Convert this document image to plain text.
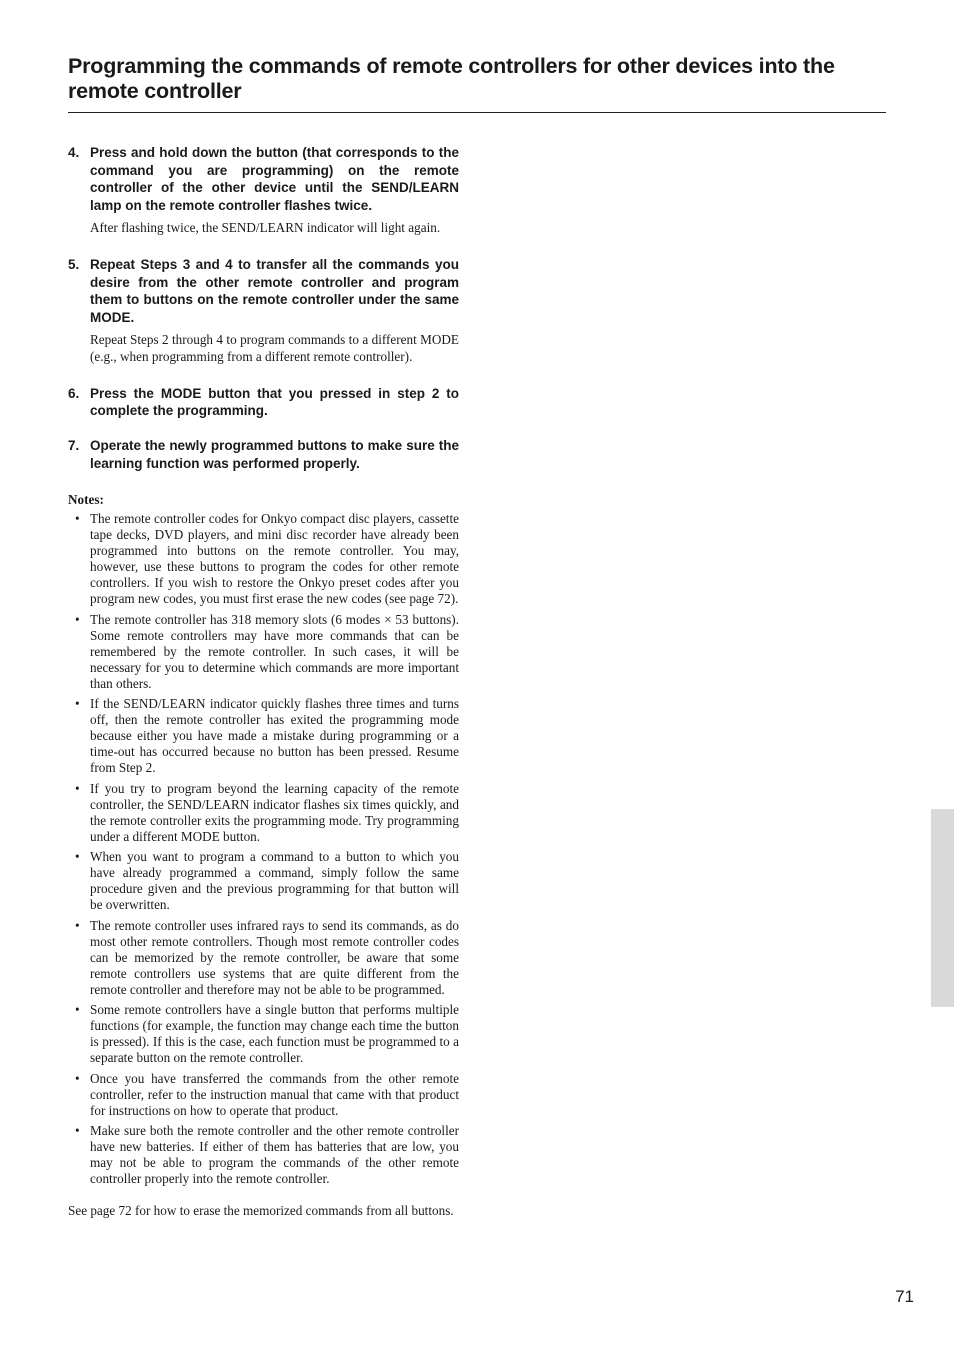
Programming the commands of remote controllers for other devices into the remote controller
4. Press and hold down the button (that corresponds to the command you are programming) on the remote controller of the other device until the SEND/LEARN lamp on the remote controller flashes twice.

After flashing twice, the SEND/LEARN indicator will light again.

5. Repeat Steps 3 and 4 to transfer all the commands you desire from the other remote controller and program them to buttons on the remote controller under the same MODE.

Repeat Steps 2 through 4 to program commands to a different MODE (e.g., when programming from a different remote controller).

6. Press the MODE button that you pressed in step 2 to complete the programming.

7. Operate the newly programmed buttons to make sure the learning function was performed properly.

Notes:

• The remote controller codes for Onkyo compact disc players, cassette tape decks, DVD players, and mini disc recorder have already been programmed into buttons on the remote controller. You may, however, use these buttons to program the codes for other remote controllers. If you wish to restore the Onkyo preset codes after you program new codes, you must first erase the new codes (see page 72).
• The remote controller has 318 memory slots (6 modes × 53 buttons). Some remote controllers may have more commands that can be remembered by the remote controller. In such cases, it will be necessary for you to determine which commands are more important than others.
• If the SEND/LEARN indicator quickly flashes three times and turns off, then the remote controller has exited the programming mode because either you have made a mistake during programming or a time-out has occurred because no button has been pressed. Resume from Step 2.
• If you try to program beyond the learning capacity of the remote controller, the SEND/LEARN indicator flashes six times quickly, and the remote controller exits the programming mode. Try programming under a different MODE button.
• When you want to program a command to a button to which you have already programmed a command, simply follow the same procedure given and the previous programming for that button will be overwritten.
• The remote controller uses infrared rays to send its commands, as do most other remote controllers. Though most remote controller codes can be memorized by the remote controller, be aware that some remote controllers use systems that are quite different from the remote controller and therefore may not be able to be programmed.
• Some remote controllers have a single button that performs multiple functions (for example, the function may change each time the button is pressed). If this is the case, each function must be programmed to a separate button on the remote controller.
• Once you have transferred the commands from the other remote controller, refer to the instruction manual that came with that product for instructions on how to operate that product.
• Make sure both the remote controller and the other remote controller have new batteries. If either of them has batteries that are low, you may not be able to program the commands of the other remote controller properly into the remote controller.

See page 72 for how to erase the memorized commands from all buttons.

71
